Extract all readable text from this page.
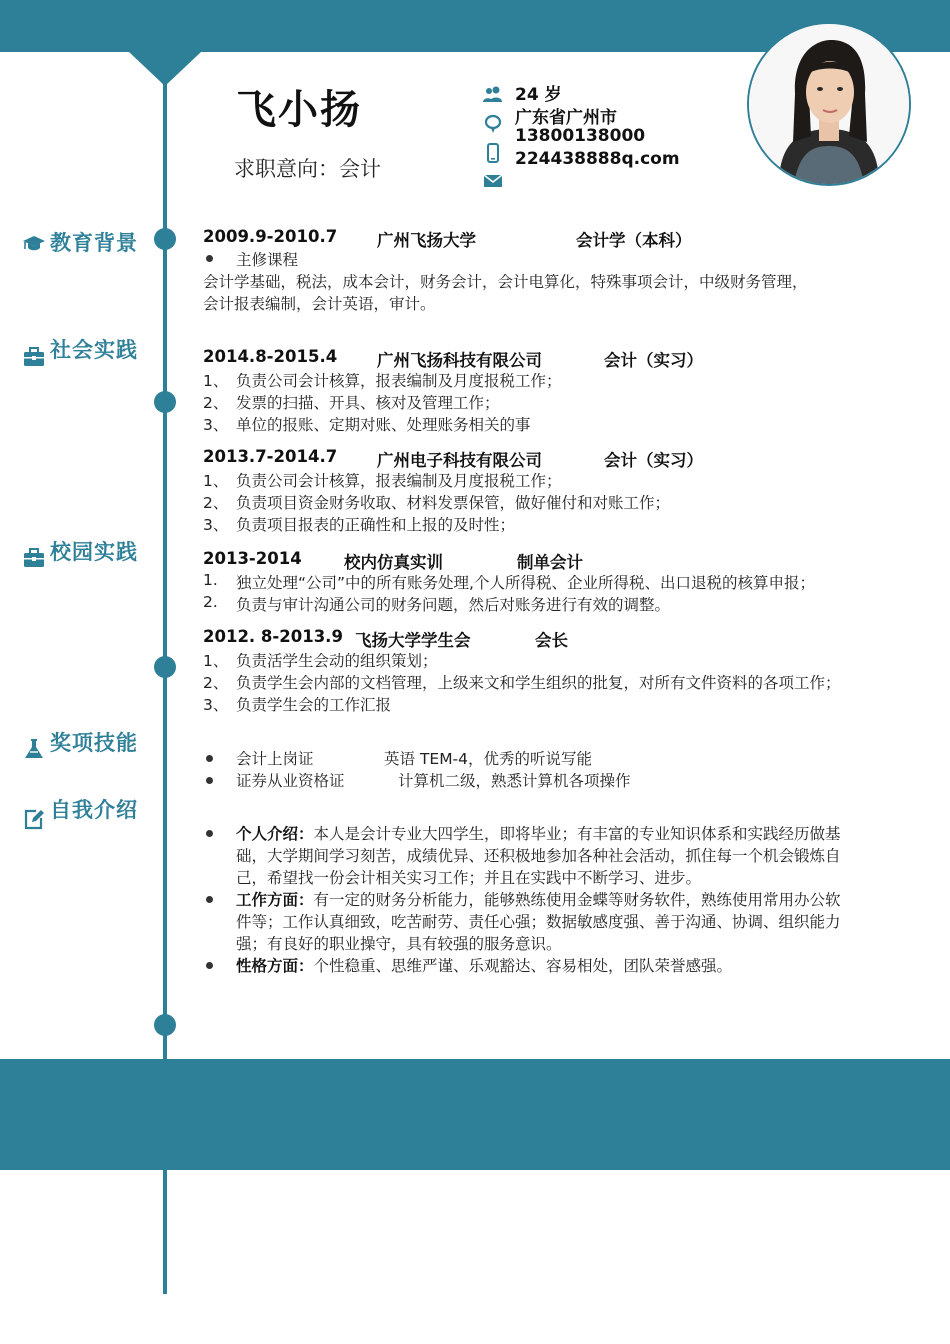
飞小扬
求职意向：会计
24 岁
广东省广州市
13800138000
224438888q.com
教育背景
社会实践
校园实践
奖项技能
自我介绍
2009.9-2010.7 广州飞扬大学	会计学（本科）
主修课程
会计学基础，税法，成本会计，财务会计，会计电算化，特殊事项会计，中级财务管理，
会计报表编制，会计英语，审计。
2014.8-2015.4 广州飞扬科技有限公司	会计（实习）
1、 负责公司会计核算，报表编制及月度报税工作；
2、 发票的扫描、开具、核对及管理工作；
3、 单位的报账、定期对账、处理账务相关的事
2013.7-2014.7 广州电子科技有限公司	会计（实习）
1、 负责公司会计核算，报表编制及月度报税工作；
2、 负责项目资金财务收取、材料发票保管，做好催付和对账工作；
3、 负责项目报表的正确性和上报的及时性；
2013-2014	校内仿真实训	制单会计
1.	独立处理“公司”中的所有账务处理,个人所得税、企业所得税、出口退税的核算申报；
2.	负责与审计沟通公司的财务问题，然后对账务进行有效的调整。
2012. 8-2013.9 飞扬大学学生会	会长
1、 负责活学生会动的组织策划；
2、 负责学生会内部的文档管理，上级来文和学生组织的批复，对所有文件资料的各项工作；
3、 负责学生会的工作汇报
会计上岗证	英语 TEM-4，优秀的听说写能
证券从业资格证	计算机二级，熟悉计算机各项操作
个人介绍：本人是会计专业大四学生，即将毕业；有丰富的专业知识体系和实践经历做基
础，大学期间学习刻苦，成绩优异、还积极地参加各种社会活动，抓住每一个机会锻炼自
己，希望找一份会计相关实习工作；并且在实践中不断学习、进步。
工作方面：有一定的财务分析能力，能够熟练使用金蝶等财务软件，熟练使用常用办公软
件等；工作认真细致，吃苦耐劳、责任心强；数据敏感度强、善于沟通、协调、组织能力
强；有良好的职业操守，具有较强的服务意识。
性格方面：个性稳重、思维严谨、乐观豁达、容易相处，团队荣誉感强。
